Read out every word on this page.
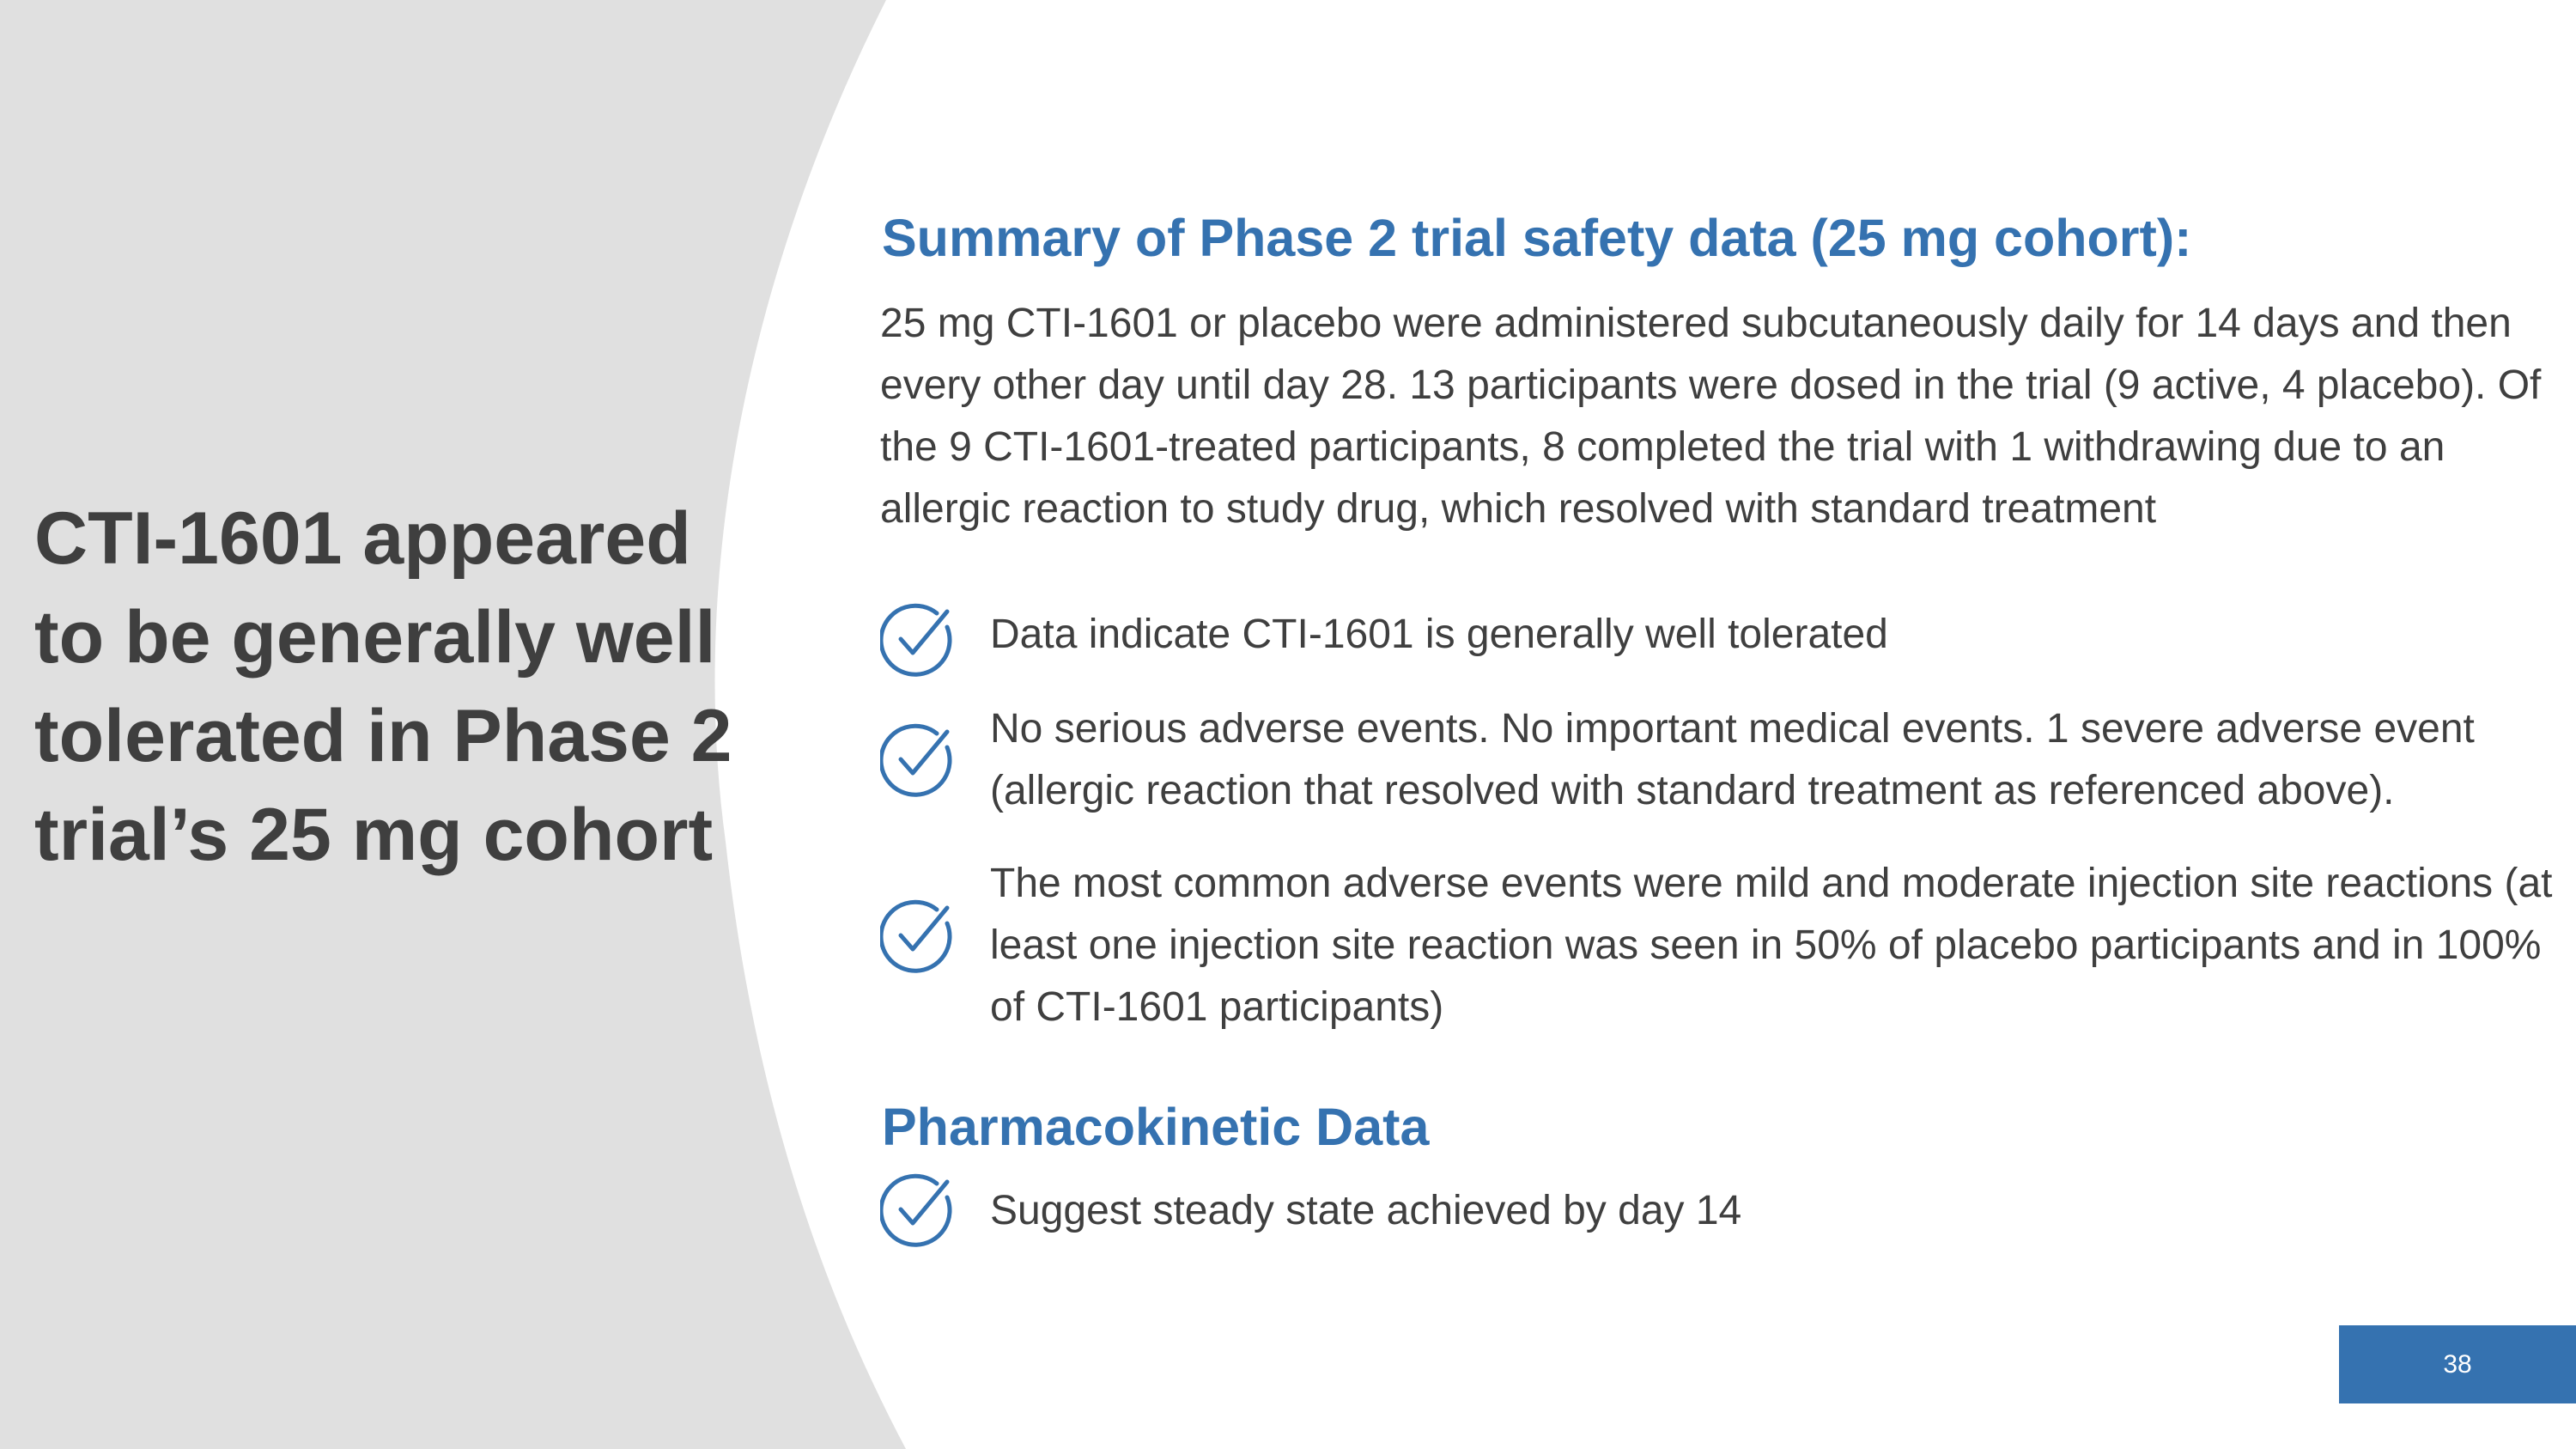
CTI-1601 appeared to be generally well tolerated in Phase 2 trial’s 25 mg cohort
Summary of Phase 2 trial safety data (25 mg cohort):

25 mg CTI-1601 or placebo were administered subcutaneously daily for 14 days and then every other day until day 28. 13 participants were dosed in the trial (9 active, 4 placebo). Of the 9 CTI-1601-treated participants, 8 completed the trial with 1 withdrawing due to an allergic reaction to study drug, which resolved with standard treatment

Data indicate CTI-1601 is generally well tolerated

No serious adverse events. No important medical events. 1 severe adverse event (allergic reaction that resolved with standard treatment as referenced above).

The most common adverse events were mild and moderate injection site reactions (at least one injection site reaction was seen in 50% of placebo participants and in 100% of CTI-1601 participants)

Pharmacokinetic Data

Suggest steady state achieved by day 14

38
